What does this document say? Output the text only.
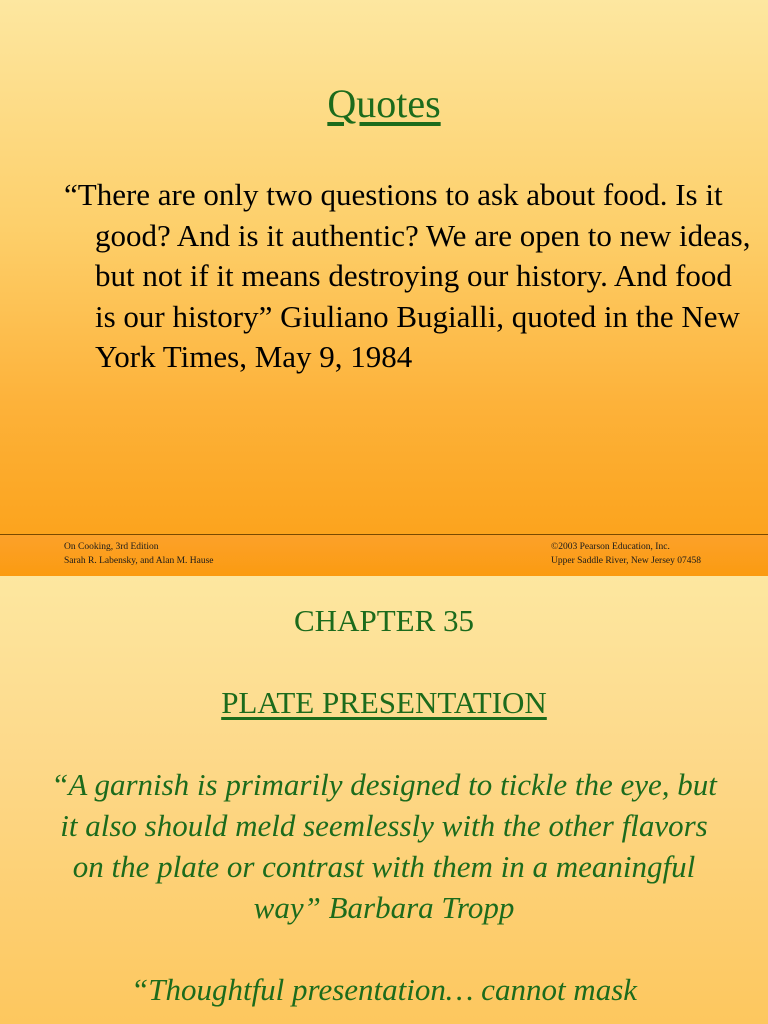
Quotes

“There are only two questions to ask about food. Is it good? And is it authentic? We are open to new ideas, but not if it means destroying our history. And food is our history” Giuliano Bugialli, quoted in the New York Times, May 9, 1984

On Cooking, 3rd Edition
Sarah R. Labensky, and Alan M. Hause
©2003 Pearson Education, Inc.
Upper Saddle River, New Jersey 07458
CHAPTER 35
PLATE PRESENTATION

“A garnish is primarily designed to tickle the eye, but it also should meld seemlessly with the other flavors on the plate or contrast with them in a meaningful way” Barbara Tropp

“Thoughtful presentation… cannot mask
